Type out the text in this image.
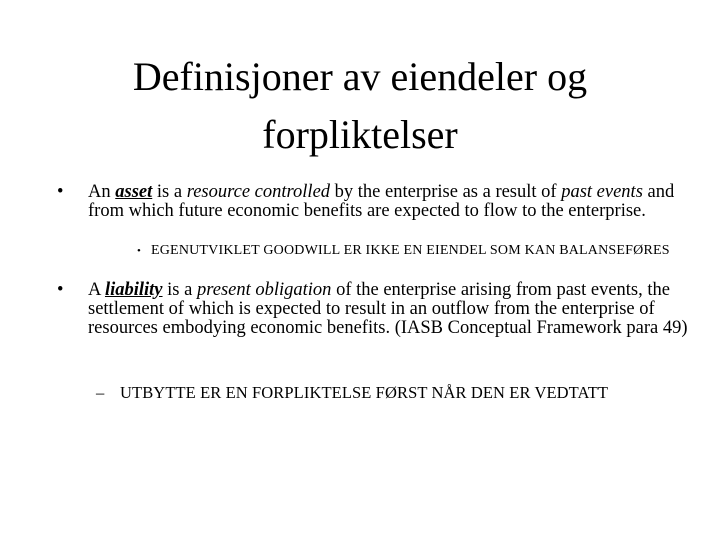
Definisjoner av eiendeler og
forpliktelser
• An asset is a resource controlled by the enterprise as a result of past events and from which future economic benefits are expected to flow to the enterprise.
• EGENUTVIKLET GOODWILL ER IKKE EN EIENDEL SOM KAN BALANSEFØRES
• A liability is a present obligation of the enterprise arising from past events, the settlement of which is expected to result in an outflow from the enterprise of resources embodying economic benefits. (IASB Conceptual Framework para 49)
– UTBYTTE ER EN FORPLIKTELSE FØRST NÅR DEN ER VEDTATT
